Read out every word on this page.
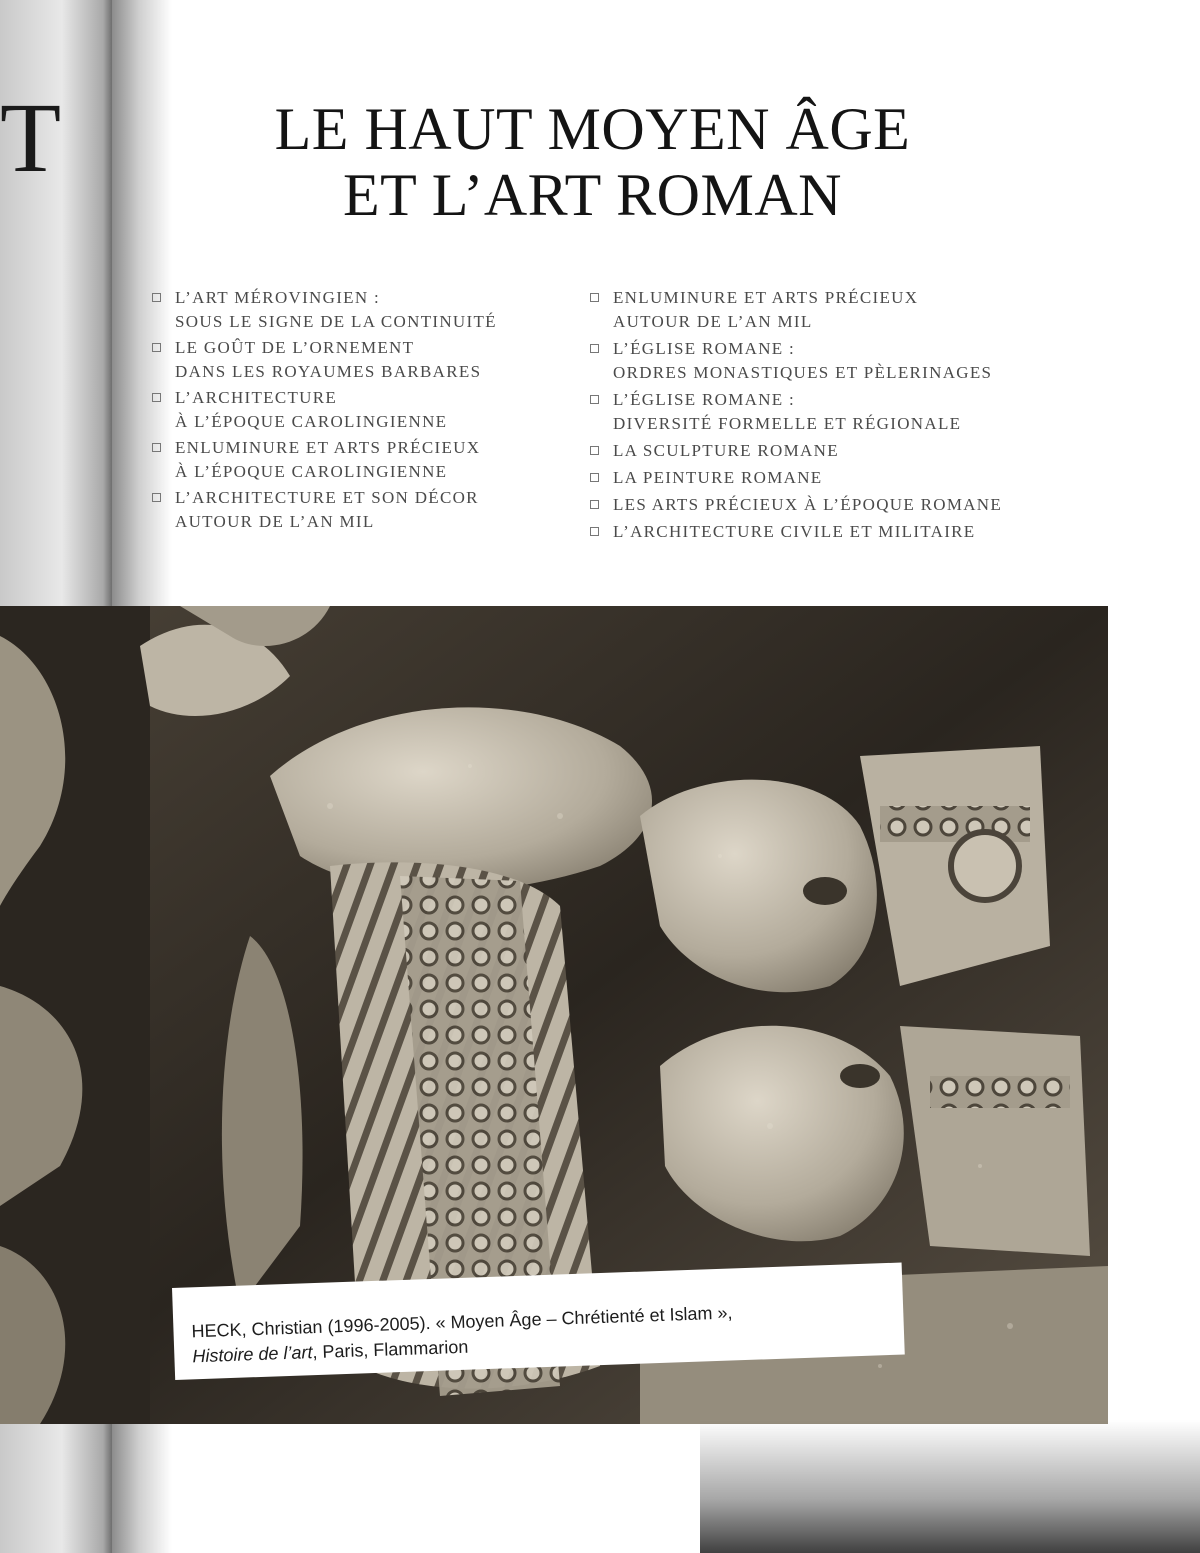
T	LE HAUT MOYEN ÂGE
ET L’ART ROMAN
L’ART MÉROVINGIEN :
SOUS LE SIGNE DE LA CONTINUITÉ
LE GOÛT DE L’ORNEMENT
DANS LES ROYAUMES BARBARES
L’ARCHITECTURE
À L’ÉPOQUE CAROLINGIENNE
ENLUMINURE ET ARTS PRÉCIEUX
À L’ÉPOQUE CAROLINGIENNE
L’ARCHITECTURE ET SON DÉCOR
AUTOUR DE L’AN MIL
ENLUMINURE ET ARTS PRÉCIEUX
AUTOUR DE L’AN MIL
L’ÉGLISE ROMANE :
ORDRES MONASTIQUES ET PÈLERINAGES
L’ÉGLISE ROMANE :
DIVERSITÉ FORMELLE ET RÉGIONALE
LA SCULPTURE ROMANE
LA PEINTURE ROMANE
LES ARTS PRÉCIEUX À L’ÉPOQUE ROMANE
L’ARCHITECTURE CIVILE ET MILITAIRE
HECK, Christian (1996-2005). « Moyen Âge – Chrétienté et Islam »,
Histoire de l’art, Paris, Flammarion
